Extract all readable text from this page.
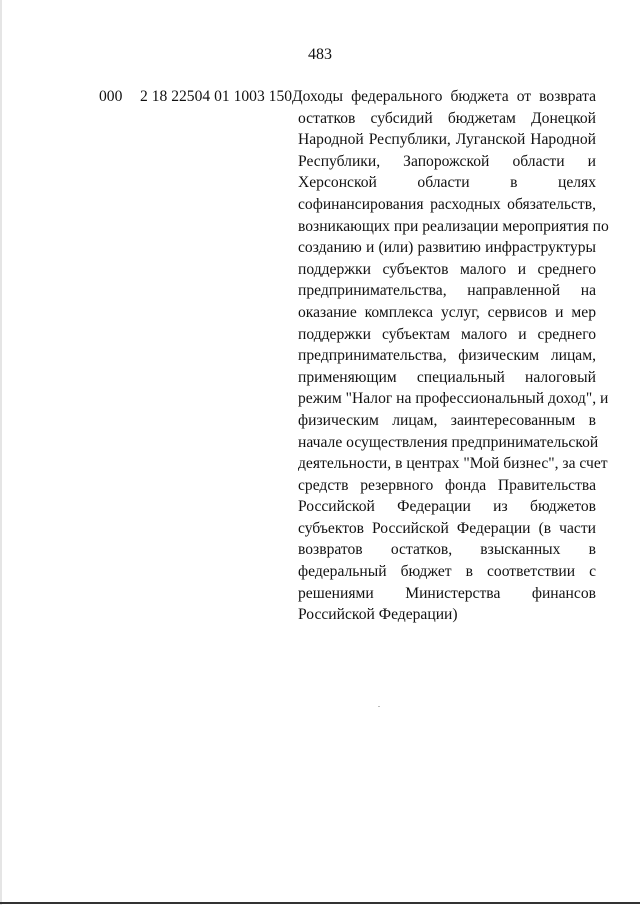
483
000 2 18 22504 01 1003 150 Доходы федерального бюджета от возврата
остатков субсидий бюджетам Донецкой
Народной Республики, Луганской Народной
Республики, Запорожской области и
Херсонской области в целях
софинансирования расходных обязательств,
возникающих при реализации мероприятия по
созданию и (или) развитию инфраструктуры
поддержки субъектов малого и среднего
предпринимательства, направленной на
оказание комплекса услуг, сервисов и мер
поддержки субъектам малого и среднего
предпринимательства, физическим лицам,
применяющим специальный налоговый
режим "Налог на профессиональный доход", и
физическим лицам, заинтересованным в
начале осуществления предпринимательской
деятельности, в центрах "Мой бизнес", за счет
средств резервного фонда Правительства
Российской Федерации из бюджетов
субъектов Российской Федерации (в части
возвратов остатков, взысканных в
федеральный бюджет в соответствии с
решениями Министерства финансов
Российской Федерации)
